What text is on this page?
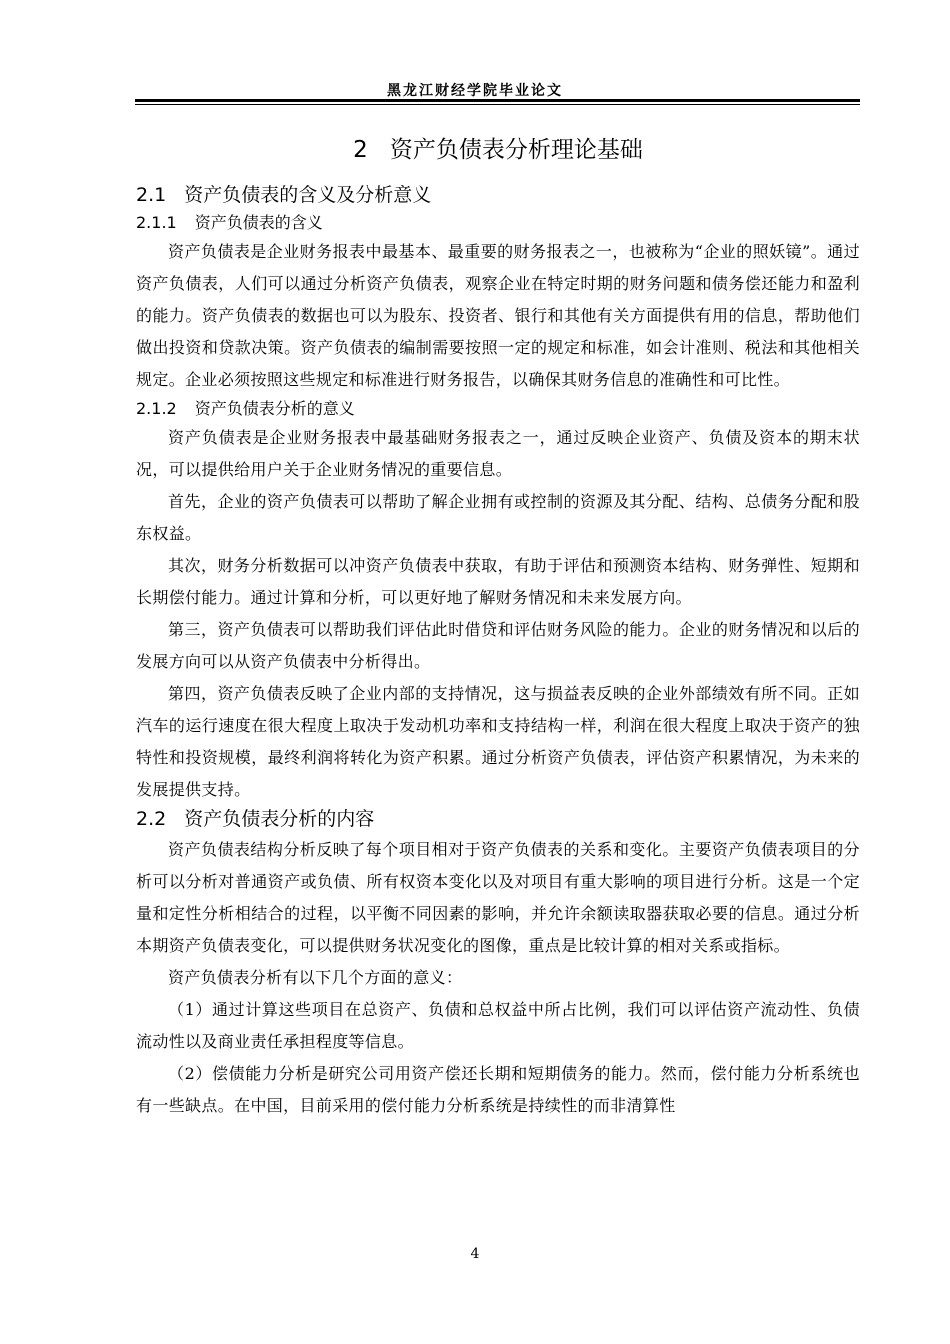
黑龙江财经学院毕业论文
2 资产负债表分析理论基础
2.1 资产负债表的含义及分析意义
2.1.1 资产负债表的含义

资产负债表是企业财务报表中最基本、最重要的财务报表之一，也被称为“企业的照妖镜”。通过资产负债表，人们可以通过分析资产负债表，观察企业在特定时期的财务问题和债务偿还能力和盈利的能力。资产负债表的数据也可以为股东、投资者、银行和其他有关方面提供有用的信息，帮助他们做出投资和贷款决策。资产负债表的编制需要按照一定的规定和标准，如会计准则、税法和其他相关规定。企业必须按照这些规定和标准进行财务报告，以确保其财务信息的准确性和可比性。

2.1.2 资产负债表分析的意义

资产负债表是企业财务报表中最基础财务报表之一，通过反映企业资产、负债及资本的期末状况，可以提供给用户关于企业财务情况的重要信息。

首先，企业的资产负债表可以帮助了解企业拥有或控制的资源及其分配、结构、总债务分配和股东权益。

其次，财务分析数据可以冲资产负债表中获取，有助于评估和预测资本结构、财务弹性、短期和长期偿付能力。通过计算和分析，可以更好地了解财务情况和未来发展方向。

第三，资产负债表可以帮助我们评估此时借贷和评估财务风险的能力。企业的财务情况和以后的发展方向可以从资产负债表中分析得出。

第四，资产负债表反映了企业内部的支持情况，这与损益表反映的企业外部绩效有所不同。正如汽车的运行速度在很大程度上取决于发动机功率和支持结构一样，利润在很大程度上取决于资产的独特性和投资规模，最终利润将转化为资产积累。通过分析资产负债表，评估资产积累情况，为未来的发展提供支持。

2.2 资产负债表分析的内容

资产负债表结构分析反映了每个项目相对于资产负债表的关系和变化。主要资产负债表项目的分析可以分析对普通资产或负债、所有权资本变化以及对项目有重大影响的项目进行分析。这是一个定量和定性分析相结合的过程，以平衡不同因素的影响，并允许余额读取器获取必要的信息。通过分析本期资产负债表变化，可以提供财务状况变化的图像，重点是比较计算的相对关系或指标。

资产负债表分析有以下几个方面的意义：

（1）通过计算这些项目在总资产、负债和总权益中所占比例，我们可以评估资产流动性、负债流动性以及商业责任承担程度等信息。

（2）偿债能力分析是研究公司用资产偿还长期和短期债务的能力。然而，偿付能力分析系统也有一些缺点。在中国，目前采用的偿付能力分析系统是持续性的而非清算性

4
